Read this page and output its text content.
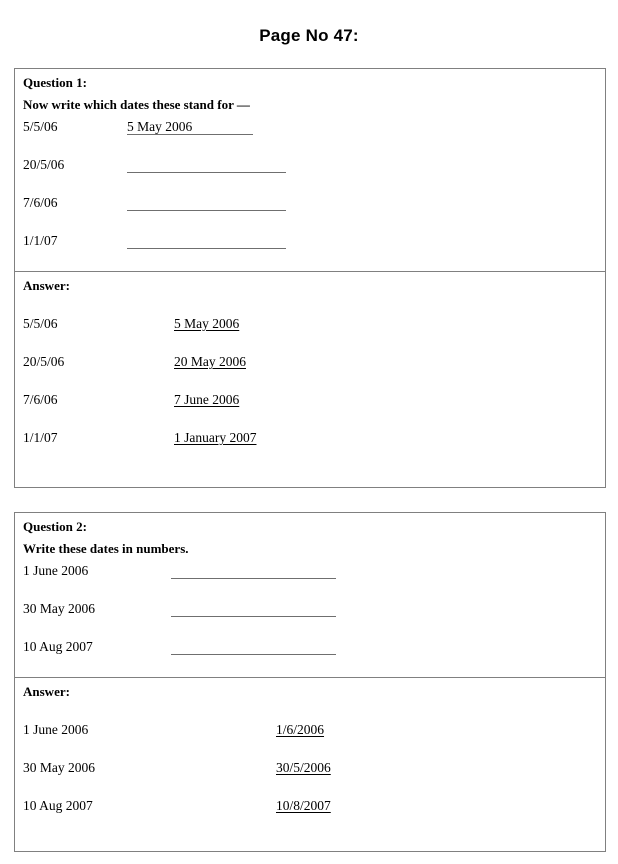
Page No 47:
Question 1:
Now write which dates these stand for —
5/5/06	5 May 2006
20/5/06
7/6/06
1/1/07
Answer:
5/5/06	5 May 2006
20/5/06	20 May 2006
7/6/06	7 June 2006
1/1/07	1 January 2007
Question 2:
Write these dates in numbers.
1 June 2006
30 May 2006
10 Aug 2007
Answer:
1 June 2006	1/6/2006
30 May 2006	30/5/2006
10 Aug 2007	10/8/2007
